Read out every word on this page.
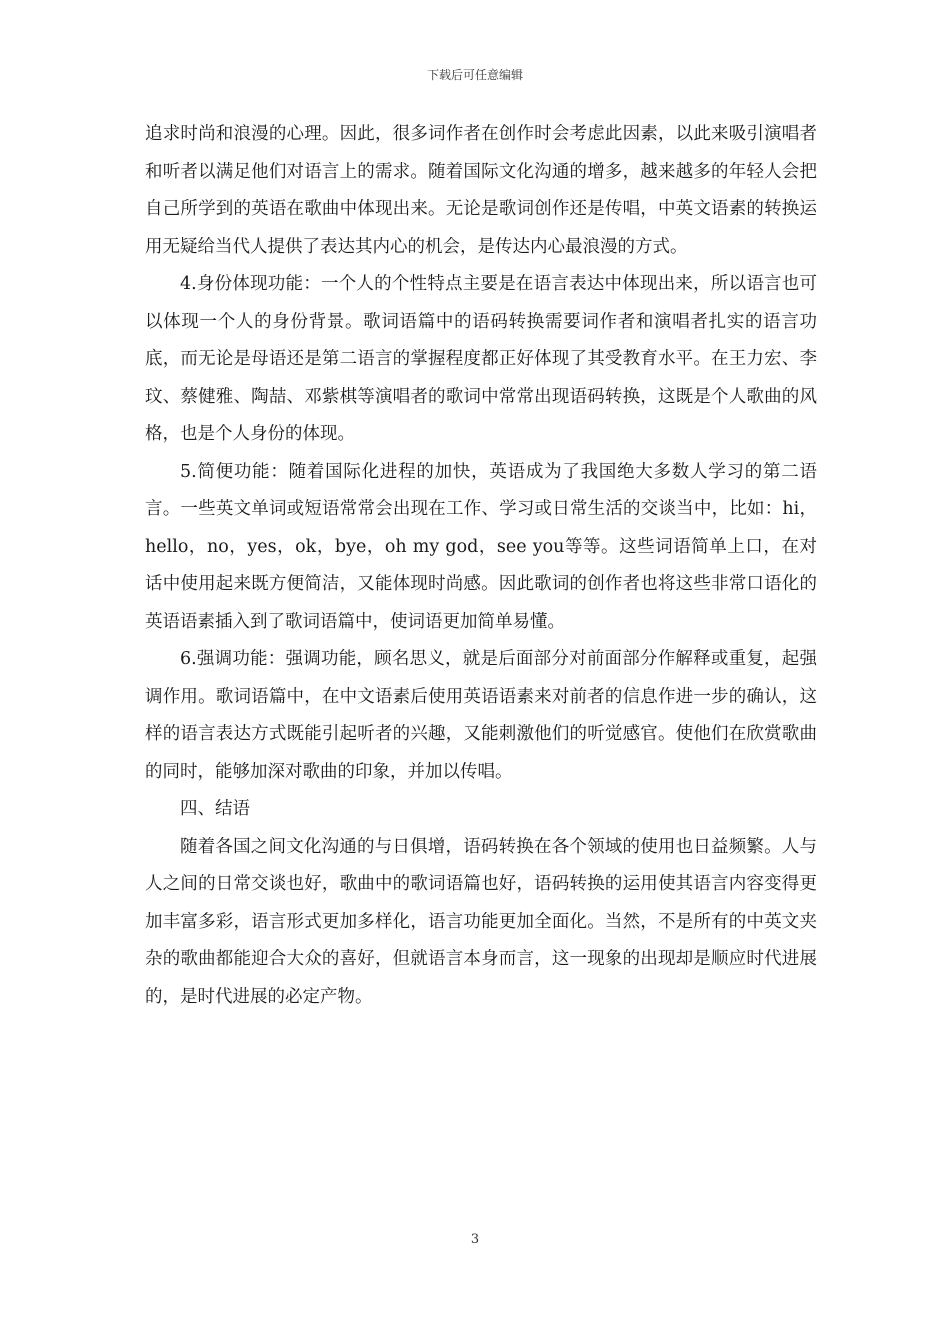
下载后可任意编辑

追求时尚和浪漫的心理。因此，很多词作者在创作时会考虑此因素，以此来吸引演唱者和听者以满足他们对语言上的需求。随着国际文化沟通的增多，越来越多的年轻人会把自己所学到的英语在歌曲中体现出来。无论是歌词创作还是传唱，中英文语素的转换运用无疑给当代人提供了表达其内心的机会，是传达内心最浪漫的方式。

4.身份体现功能：一个人的个性特点主要是在语言表达中体现出来，所以语言也可以体现一个人的身份背景。歌词语篇中的语码转换需要词作者和演唱者扎实的语言功底，而无论是母语还是第二语言的掌握程度都正好体现了其受教育水平。在王力宏、李玟、蔡健雅、陶喆、邓紫棋等演唱者的歌词中常常出现语码转换，这既是个人歌曲的风格，也是个人身份的体现。

5.简便功能：随着国际化进程的加快，英语成为了我国绝大多数人学习的第二语言。一些英文单词或短语常常会出现在工作、学习或日常生活的交谈当中，比如：hi，hello，no，yes，ok，bye，oh my god，see you等等。这些词语简单上口，在对话中使用起来既方便简洁，又能体现时尚感。因此歌词的创作者也将这些非常口语化的英语语素插入到了歌词语篇中，使词语更加简单易懂。

6.强调功能：强调功能，顾名思义，就是后面部分对前面部分作解释或重复，起强调作用。歌词语篇中，在中文语素后使用英语语素来对前者的信息作进一步的确认，这样的语言表达方式既能引起听者的兴趣，又能刺激他们的听觉感官。使他们在欣赏歌曲的同时，能够加深对歌曲的印象，并加以传唱。

四、结语

随着各国之间文化沟通的与日俱增，语码转换在各个领域的使用也日益频繁。人与人之间的日常交谈也好，歌曲中的歌词语篇也好，语码转换的运用使其语言内容变得更加丰富多彩，语言形式更加多样化，语言功能更加全面化。当然，不是所有的中英文夹杂的歌曲都能迎合大众的喜好，但就语言本身而言，这一现象的出现却是顺应时代进展的，是时代进展的必定产物。

3
